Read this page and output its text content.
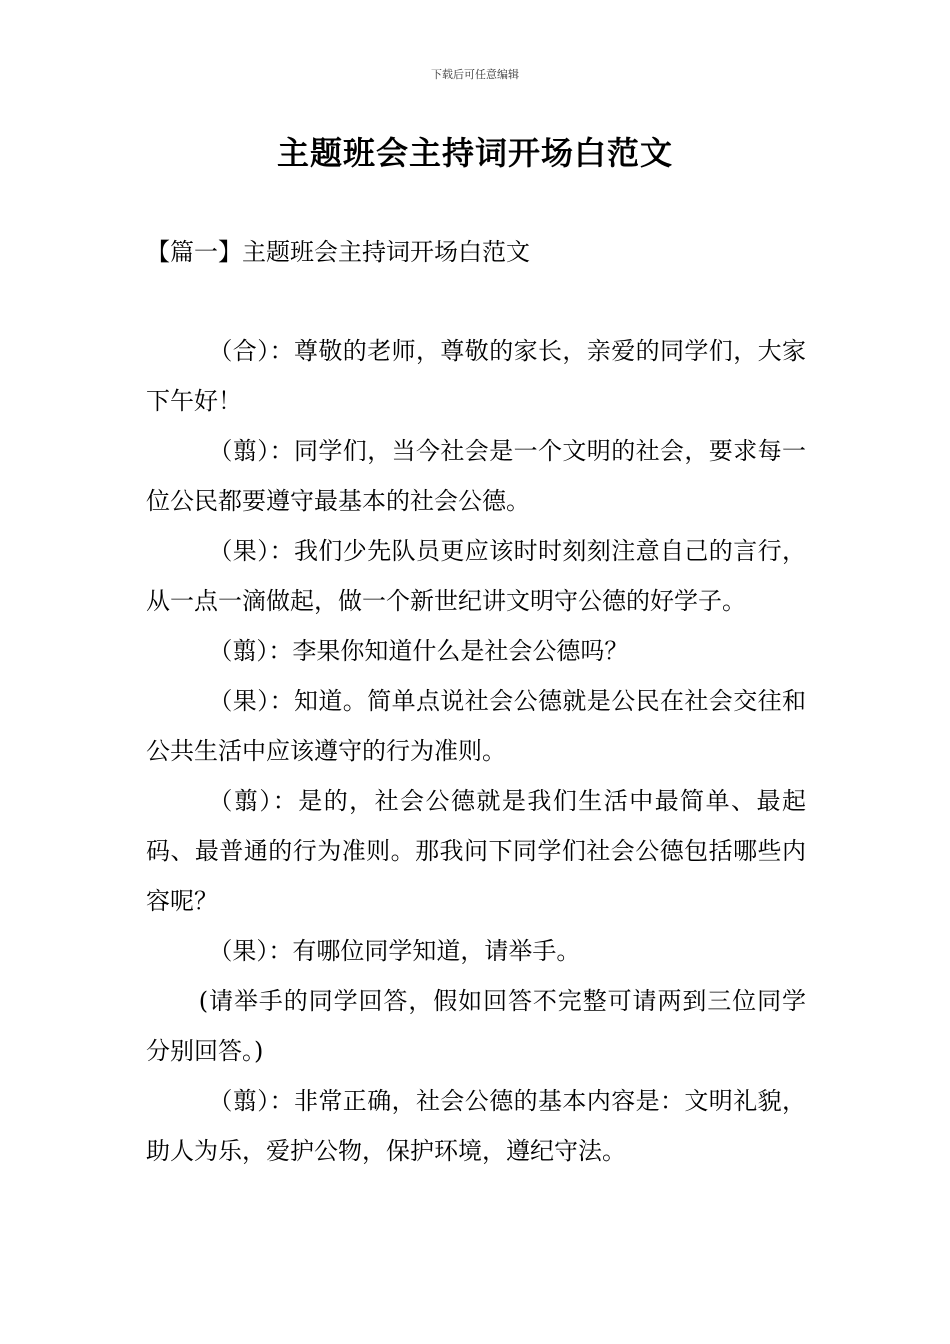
下载后可任意编辑
主题班会主持词开场白范文
【篇一】主题班会主持词开场白范文

（合）：尊敬的老师，尊敬的家长，亲爱的同学们，大家下午好！

（翦）：同学们，当今社会是一个文明的社会，要求每一位公民都要遵守最基本的社会公德。

（果）：我们少先队员更应该时时刻刻注意自己的言行，从一点一滴做起，做一个新世纪讲文明守公德的好学子。

（翦）：李果你知道什么是社会公德吗？

（果）：知道。简单点说社会公德就是公民在社会交往和公共生活中应该遵守的行为准则。

（翦）：是的，社会公德就是我们生活中最简单、最起码、最普通的行为准则。那我问下同学们社会公德包括哪些内容呢？

（果）：有哪位同学知道，请举手。

(请举手的同学回答，假如回答不完整可请两到三位同学分别回答。)

（翦）：非常正确，社会公德的基本内容是：文明礼貌，助人为乐，爱护公物，保护环境，遵纪守法。
